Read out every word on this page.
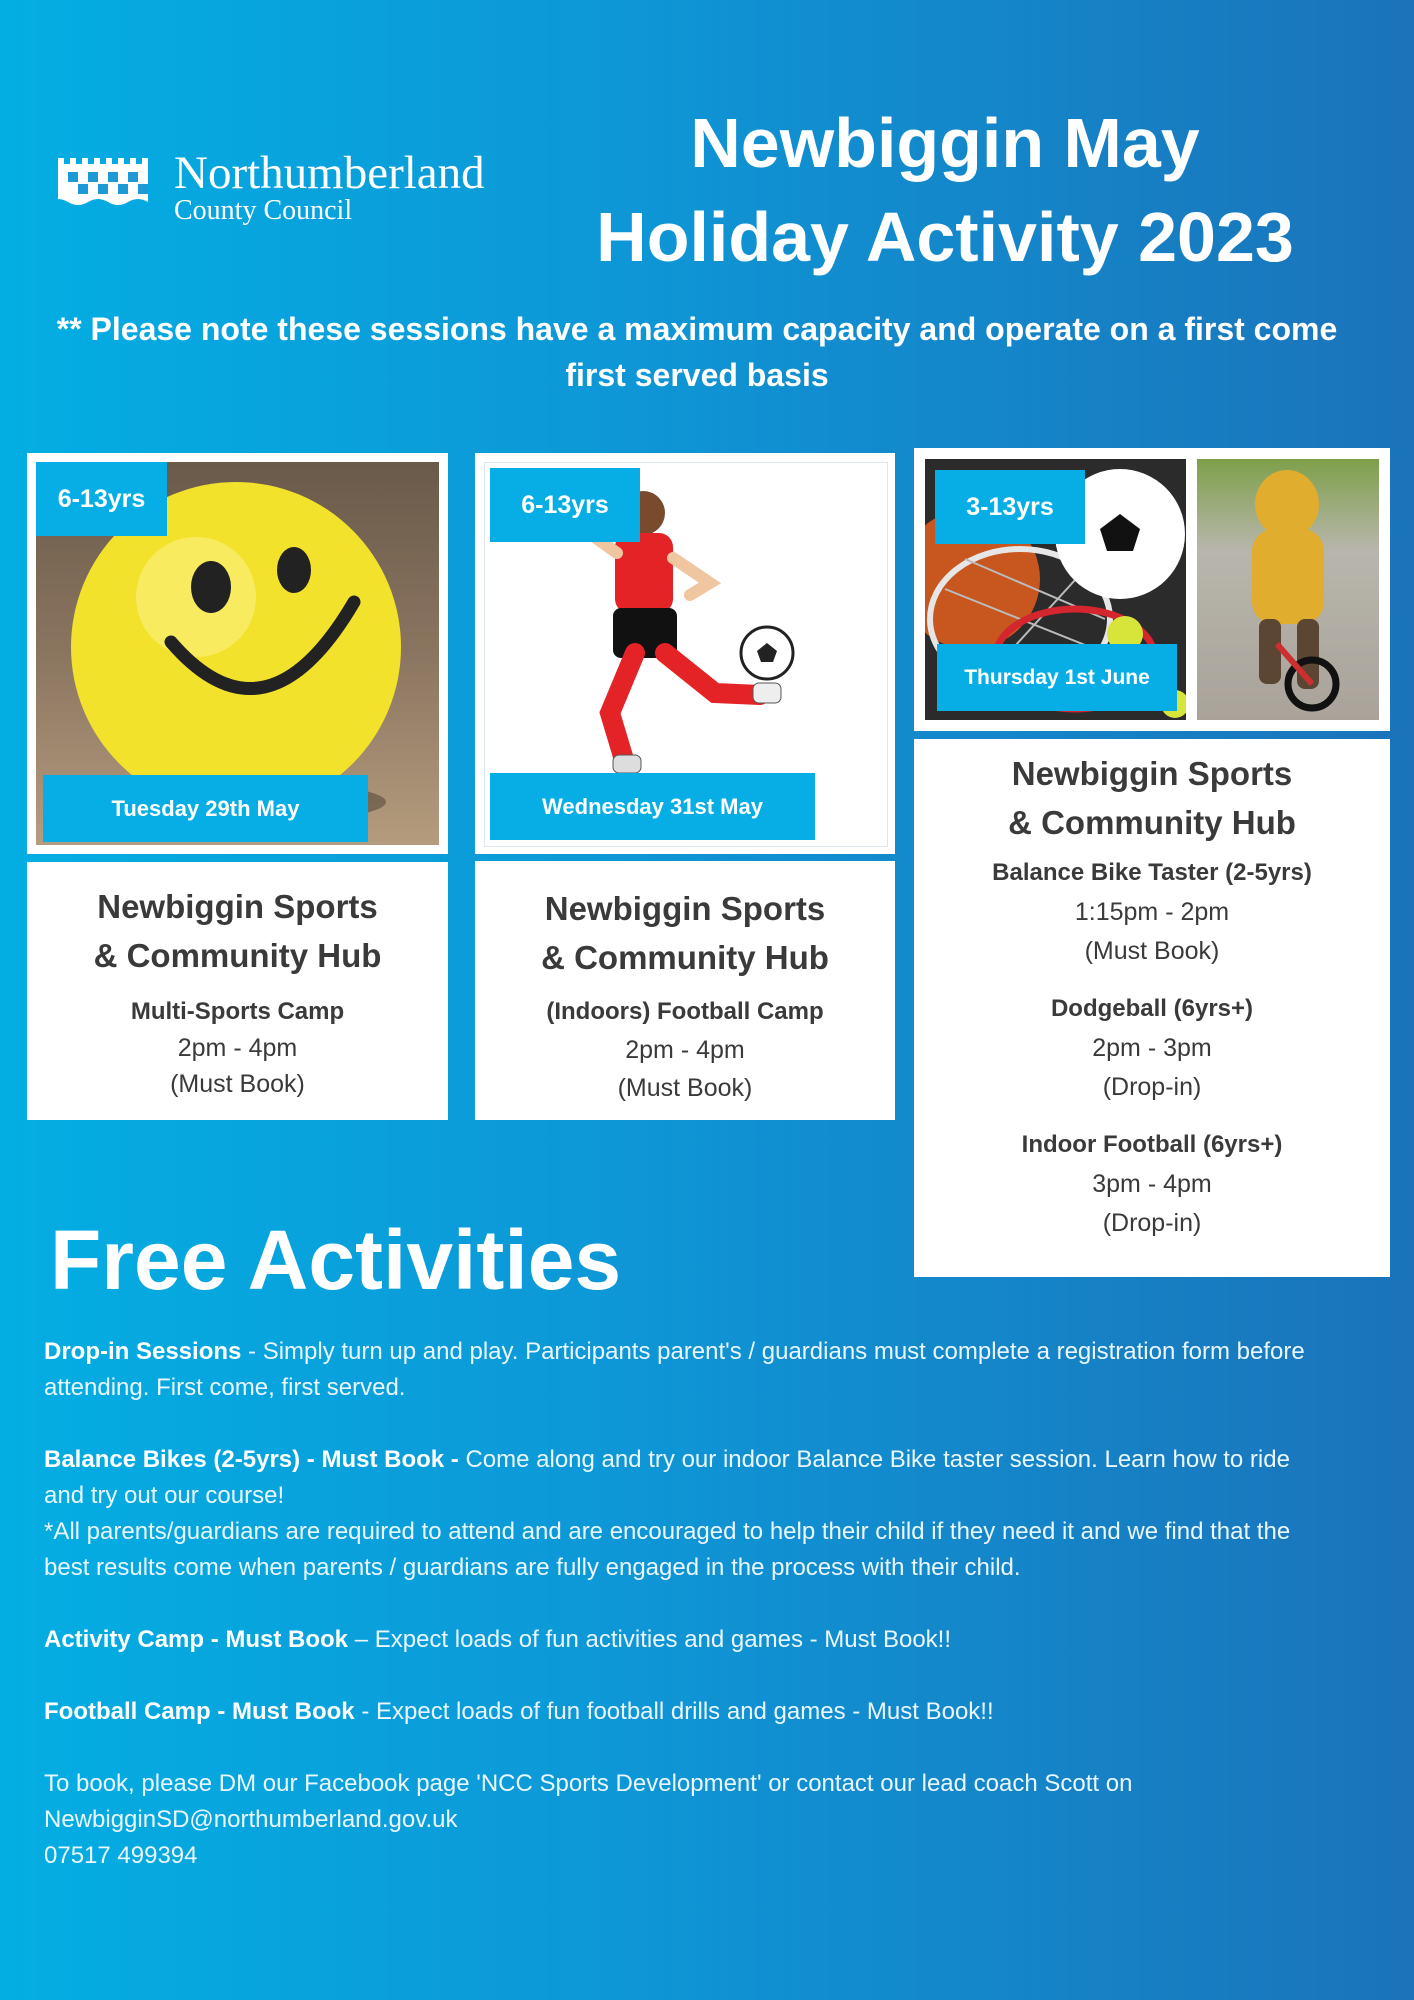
Northumberland
County Council
Newbiggin May
Holiday Activity 2023
** Please note these sessions have a maximum capacity and operate on a first come first served basis
6-13yrs
Tuesday 29th May
6-13yrs
Wednesday 31st May
3-13yrs
Thursday 1st June
Newbiggin Sports
& Community Hub
Multi-Sports Camp
2pm - 4pm
(Must Book)
Newbiggin Sports
& Community Hub
(Indoors) Football Camp
2pm - 4pm
(Must Book)
Newbiggin Sports
& Community Hub
Balance Bike Taster (2-5yrs)
1:15pm - 2pm
(Must Book)
Dodgeball (6yrs+)
2pm - 3pm
(Drop-in)
Indoor Football (6yrs+)
3pm - 4pm
(Drop-in)
Free Activities

Drop-in Sessions - Simply turn up and play. Participants parent's / guardians must complete a registration form before attending. First come, first served.

Balance Bikes (2-5yrs) - Must Book - Come along and try our indoor Balance Bike taster session. Learn how to ride and try out our course!

*All parents/guardians are required to attend and are encouraged to help their child if they need it and we find that the best results come when parents / guardians are fully engaged in the process with their child.

Activity Camp - Must Book – Expect loads of fun activities and games - Must Book!!

Football Camp - Must Book - Expect loads of fun football drills and games - Must Book!!

To book, please DM our Facebook page 'NCC Sports Development' or contact our lead coach Scott on

NewbigginSD@northumberland.gov.uk

07517 499394
